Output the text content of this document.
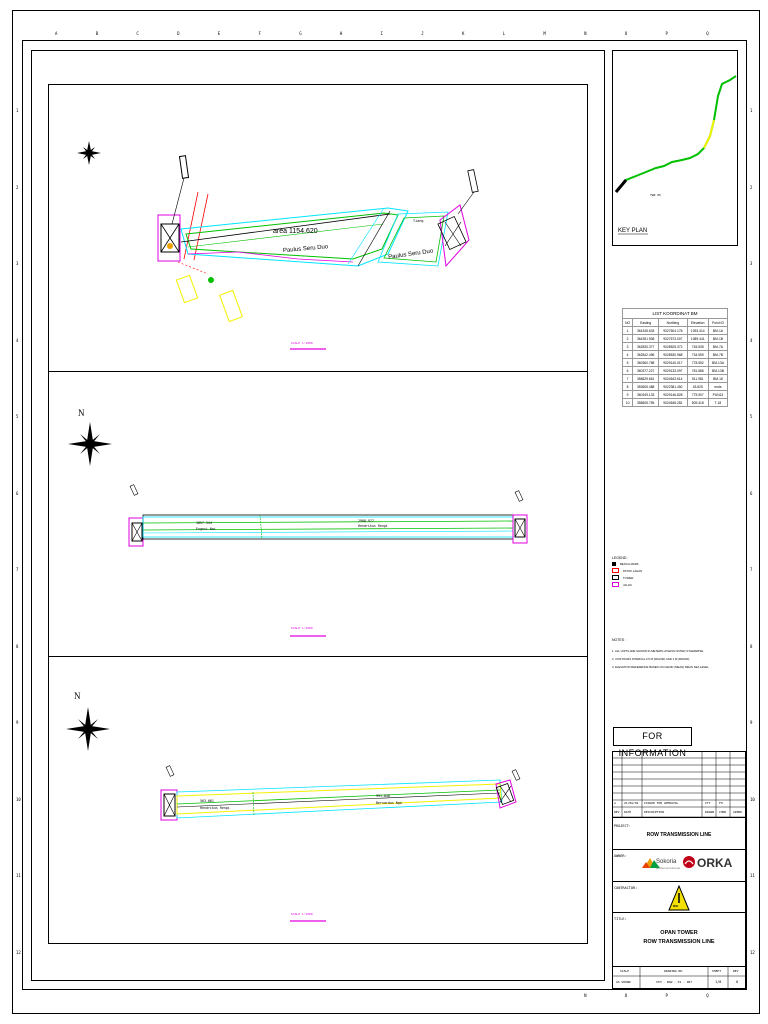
A	B	C	D	E	F	G	H	I	J	K	L	M	N	O	P	Q
N	O	P	Q
1
2
3
4
5
6
7
8
9
10
11
12
1
2
3
4
5
6
7
8
9
10
11
12
area 1154.620
Paulus Seru Duo	Paulus Seru Duo
Tiang
SCALE 1:1000
N
1857.344
Engesi Nai
2988.977
Hendrikus Rengi
SCALE 1:1000
N
563.661
Hendrikus Rengi
991.848
Bernardus Ngo
SCALE 1:1000
TWR 05
KEY PLAN
LIST KOORDINAT BM
NO	Easting	Northing	Elevation	Point ID
1	364345.633	9027604.178	1093.414	BM-1A
2	364351.908	9027673.007	1089.441	BM-1B
3	362830.377	9028525.372	745.535	BM-7A
4	362842.496	9028530.968	734.559	BM-7B
5	360360.788	9029140.017	778.552	BM-13A
6	360377.227	9029133.097	781.586	BM-13B
7	358629.661	9024643.614	511.981	BM-18
8	353605.488	9022381.450	43.825	ends
9	360349.133	9029146.828	775.907	PUN13
10	358605.755	9024645.281	509.418	T-18
LEGEND :
BENCH MARK
PATOK LAHAN
TOWER
JALAN
NOTES :
1. ALL UNITS ARE SHOWN IN METERS UNLESS NOTED OTHERWISE.
2. CONTOURS INTERVAL 0.5 M (MAJOR) AND 1 M (MINOR).
3. ELEVATION REFERENCE BASED ON GEOID (MEAN) MEAN SEA LEVEL.
FOR INFORMATION
A	21/06/02 ISSUED FOR APPROVAL	ITT	FH
REV DATE	DESCRIPTION	DRAWN CHKD APPRD
PROJECT:
ROW TRANSMISSION LINE
OWNER:
Sokoria
geothermal indonesia ORKA
CONTRACTOR:
RIG
TITLE:
OPAN TOWER
ROW TRANSMISSION LINE
SCALE
AS SHOWN
DRAWING NO.
STH - ROW - 01 - 007
SHEET
1/8
REV
0
